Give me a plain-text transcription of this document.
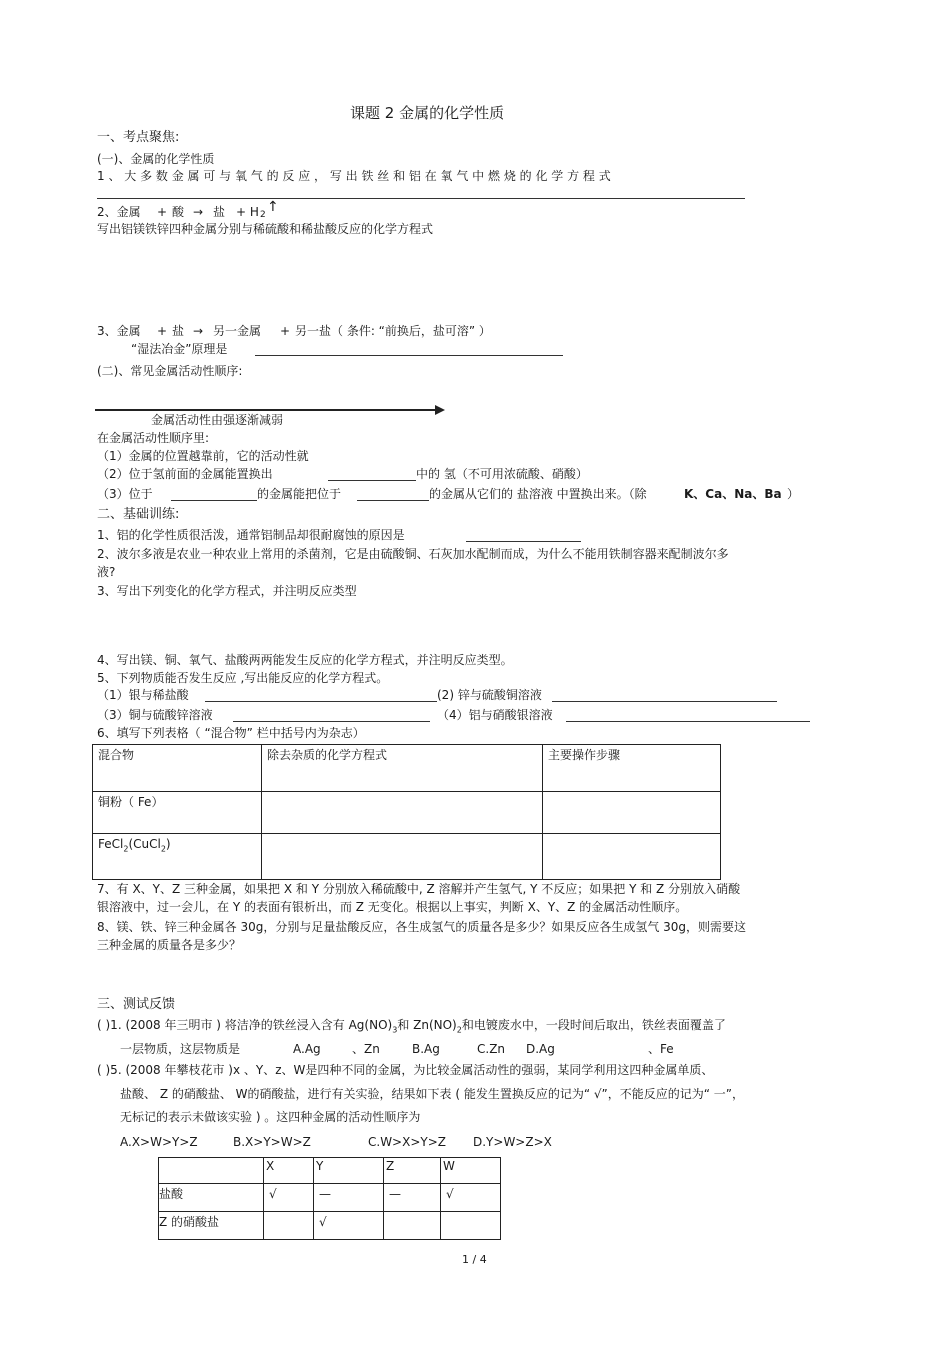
课题 2 金属的化学性质
一、考点聚焦:
(一)、金属的化学性质
1 、 大 多 数 金 属 可 与 氧 气 的 反 应 ， 写 出 铁 丝 和 铝 在 氧 气 中 燃 烧 的 化 学 方 程 式
2、金属 + 酸 → 盐 + H 2 ↑
写出铝镁铁锌四种金属分别与稀硫酸和稀盐酸反应的化学方程式
3、金属 + 盐 → 另一金属 + 另一盐（ 条件: “前换后，盐可溶” ）
“湿法冶金”原理是
(二)、常见金属活动性顺序:
金属活动性由强逐渐减弱
在金属活动性顺序里:
（1）金属的位置越靠前，它的活动性就
（2）位于氢前面的金属能置换出	中的 氢（不可用浓硫酸、硝酸）
（3）位于	的金属能把位于	的金属从它们的 盐溶液 中置换出来。（除	K、Ca、Na、Ba ）
二、基础训练:
1、铝的化学性质很活泼，通常铝制品却很耐腐蚀的原因是
2、波尔多液是农业一种农业上常用的杀菌剂，它是由硫酸铜、石灰加水配制而成，为什么不能用铁制容器来配制波尔多
液?
3、写出下列变化的化学方程式，并注明反应类型
4、写出镁、铜、氧气、盐酸两两能发生反应的化学方程式，并注明反应类型。
5、下列物质能否发生反应 ,写出能反应的化学方程式。
（1）银与稀盐酸	(2) 锌与硫酸铜溶液
（3）铜与硫酸锌溶液	（4）铝与硝酸银溶液
6、填写下列表格（ “混合物” 栏中括号内为杂志）
混合物	除去杂质的化学方程式	主要操作步骤
铜粉（ Fe）		
FeCl$_2$(CuCl$_2$)		
7、有 X、Y、Z 三种金属，如果把 X 和 Y 分别放入稀硫酸中, Z 溶解并产生氢气, Y 不反应；如果把 Y 和 Z 分别放入硝酸
银溶液中，过一会儿，在 Y 的表面有银析出，而 Z 无变化。根据以上事实，判断 X、Y、Z 的金属活动性顺序。
8、镁、铁、锌三种金属各 30g，分别与足量盐酸反应，各生成氢气的质量各是多少？如果反应各生成氢气 30g，则需要这
三种金属的质量各是多少？
三、测试反馈
( )1. (2008 年三明市 ) 将洁净的铁丝浸入含有 $Ag(NO)_3$和 $Zn(NO)_2$和电镀废水中，一段时间后取出，铁丝表面覆盖了
一层物质，这层物质是	A.Ag	、Zn	B.Ag	C.Zn D.Ag	、Fe
( )5. (2008 年攀枝花市 )x 、Y、z、W是四种不同的金属，为比较金属活动性的强弱，某同学利用这四种金属单质、
盐酸、 Z 的硝酸盐、 W的硝酸盐，进行有关实验，结果如下表 ( 能发生置换反应的记为“ √”，不能反应的记为“ 一”，
无标记的表示未做该实验 ) 。这四种金属的活动性顺序为
A.X>W>Y>Z	B.X>Y>W>Z	C.W>X>Y>Z D.Y>W>Z>X
	X	Y	Z	W
盐酸	√	—	—	√
Z 的硝酸盐		√		
1 / 4
